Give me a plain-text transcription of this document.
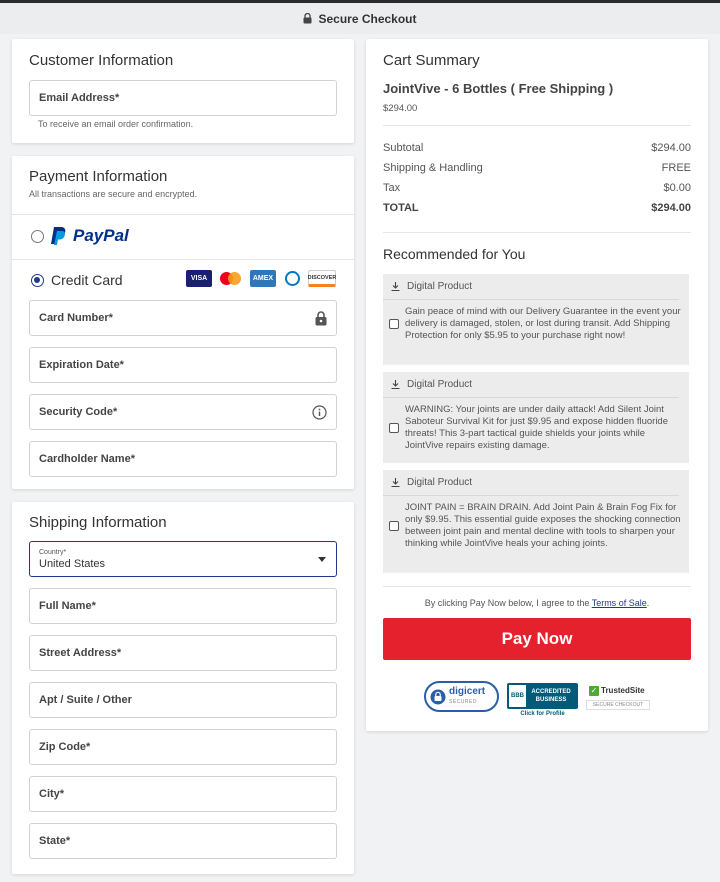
Secure Checkout
Customer Information
Email Address*
To receive an email order confirmation.
Payment Information
All transactions are secure and encrypted.
PayPal
Credit Card	VISA	AMEX	DISCOVER
Card Number*
Expiration Date*
Security Code*
Cardholder Name*
Shipping Information
Country*
United States
Full Name*
Street Address*
Apt / Suite / Other
Zip Code*
City*
State*
Cart Summary
JointVive - 6 Bottles ( Free Shipping )
$294.00
Subtotal	$294.00
Shipping & Handling	FREE
Tax	$0.00
TOTAL	$294.00
Recommended for You
Digital Product
Gain peace of mind with our Delivery Guarantee in the event your delivery is damaged, stolen, or lost during transit. Add Shipping Protection for only $5.95 to your purchase right now!
Digital Product
WARNING: Your joints are under daily attack! Add Silent Joint Saboteur Survival Kit for just $9.95 and expose hidden fluoride threats! This 3-part tactical guide shields your joints while JointVive repairs existing damage.
Digital Product
JOINT PAIN = BRAIN DRAIN. Add Joint Pain & Brain Fog Fix for only $9.95. This essential guide exposes the shocking connection between joint pain and mental decline with tools to sharpen your thinking while JointVive heals your aching joints.
By clicking Pay Now below, I agree to the Terms of Sale.
Pay Now
digicert
SECURED
BBB
ACCREDITED
BUSINESS
Click for Profile
✓ TrustedSite
SECURE CHECKOUT
